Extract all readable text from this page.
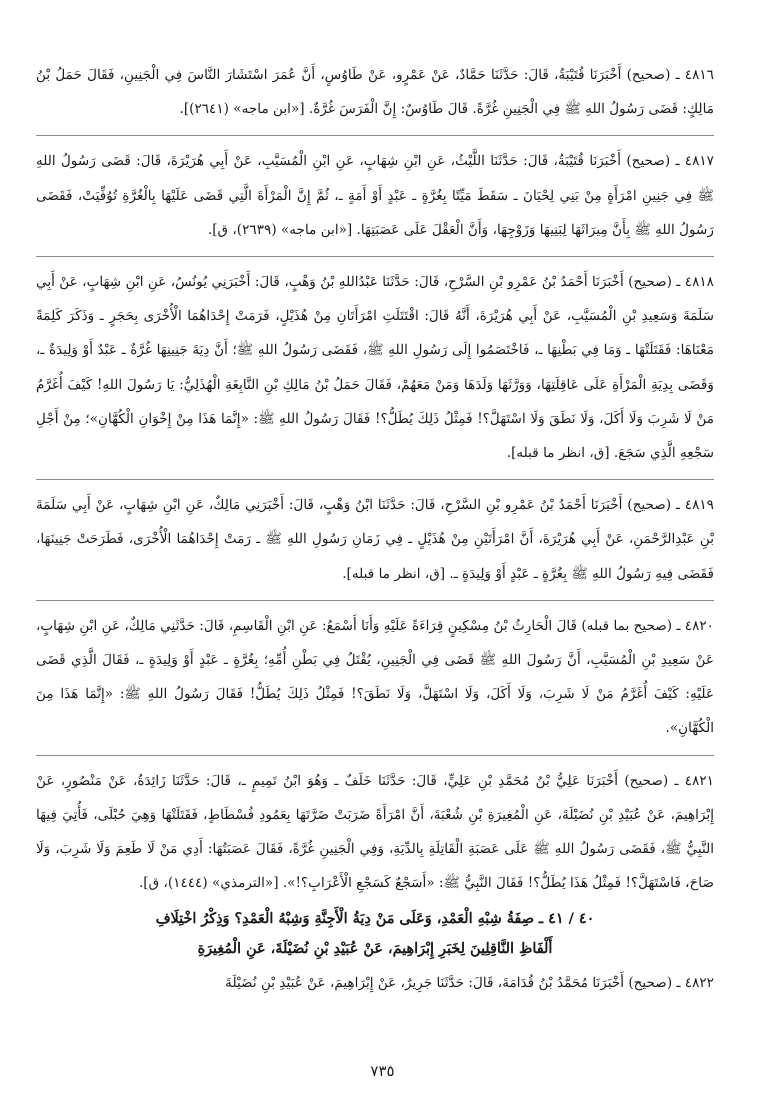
٤٨١٦ ـ (صحيح) أَخْبَرَنَا قُتَيْبَةُ، قَالَ: حَدَّثَنَا حَمَّادٌ، عَنْ عَمْرٍو، عَنْ طَاوُسٍ، أَنَّ عُمَرَ اسْتَشَارَ النَّاسَ فِي الْجَنِينِ، فَقَالَ حَمَلُ بْنُ مَالِكٍ: قَضَى رَسُولُ اللهِ ﷺ فِي الْجَنِينِ غُرَّةً. قَالَ طَاوُسٌ: إِنَّ الْفَرَسَ غُرَّةٌ. [«ابن ماجه» (٢٦٤١)].

٤٨١٧ ـ (صحيح) أَخْبَرَنَا قُتَيْبَةُ، قَالَ: حَدَّثَنَا اللَّيْثُ، عَنِ ابْنِ شِهَابٍ، عَنِ ابْنِ الْمُسَيَّبِ، عَنْ أَبِي هُرَيْرَةَ، قَالَ: قَضَى رَسُولُ اللهِ ﷺ فِي جَنِينِ امْرَأَةٍ مِنْ بَنِي لِحْيَانَ ـ سَقَطَ مَيِّتًا بِغُرَّةٍ ـ عَبْدٍ أَوْ أَمَةٍ ـ، ثُمَّ إِنَّ الْمَرْأَةَ الَّتِي قَضَى عَلَيْهَا بِالْغُرَّةِ تُوُفِّيَتْ، فَقَضَى رَسُولُ اللهِ ﷺ بِأَنَّ مِيرَاثَهَا لِبَنِيهَا وَزَوْجِهَا، وَأَنَّ الْعَقْلَ عَلَى عَصَبَتِهَا. [«ابن ماجه» (٢٦٣٩)، ق].

٤٨١٨ ـ (صحيح) أَخْبَرَنَا أَحْمَدُ بْنُ عَمْرِو بْنِ السَّرْحِ، قَالَ: حَدَّثَنَا عَبْدُاللهِ بْنُ وَهْبٍ، قَالَ: أَخْبَرَنِي يُونُسُ، عَنِ ابْنِ شِهَابٍ، عَنْ أَبِي سَلَمَةَ وَسَعِيدِ بْنِ الْمُسَيَّبِ، عَنْ أَبِي هُرَيْرَةَ، أَنَّهُ قَالَ: اقْتَتَلَتِ امْرَأَتَانِ مِنْ هُذَيْلٍ، فَرَمَتْ إِحْدَاهُمَا الْأُخْرَى بِحَجَرٍ ـ وَذَكَرَ كَلِمَةً مَعْنَاهَا: فَقَتَلَتْهَا ـ وَمَا فِي بَطْنِهَا ـ، فَاخْتَصَمُوا إِلَى رَسُولِ اللهِ ﷺ، فَقَضَى رَسُولُ اللهِ ﷺ؛ أَنَّ دِيَةَ جَنِينِهَا غُرَّةٌ ـ عَبْدٌ أَوْ وَلِيدَةٌ ـ، وَقَضَى بِدِيَةِ الْمَرْأَةِ عَلَى عَاقِلَتِهَا، وَوَرَّثَهَا وَلَدَهَا وَمَنْ مَعَهُمْ، فَقَالَ حَمَلُ بْنُ مَالِكِ بْنِ النَّابِغَةِ الْهُذَلِيُّ: يَا رَسُولَ اللهِ! كَيْفَ أُغَرَّمُ مَنْ لَا شَرِبَ وَلَا أَكَلَ، وَلَا نَطَقَ وَلَا اسْتَهَلَّ؟! فَمِثْلُ ذَلِكَ يُطَلُّ؟! فَقَالَ رَسُولُ اللهِ ﷺ: «إِنَّمَا هَذَا مِنْ إِخْوَانِ الْكُهَّانِ»؛ مِنْ أَجْلِ سَجْعِهِ الَّذِي سَجَعَ. [ق، انظر ما قبله].

٤٨١٩ ـ (صحيح) أَخْبَرَنَا أَحْمَدُ بْنُ عَمْرِو بْنِ السَّرْحِ، قَالَ: حَدَّثَنَا ابْنُ وَهْبٍ، قَالَ: أَخْبَرَنِي مَالِكٌ، عَنِ ابْنِ شِهَابٍ، عَنْ أَبِي سَلَمَةَ بْنِ عَبْدِالرَّحْمَنِ، عَنْ أَبِي هُرَيْرَةَ، أَنَّ امْرَأَتَيْنِ مِنْ هُذَيْلٍ ـ فِي زَمَانِ رَسُولِ اللهِ ﷺ ـ رَمَتْ إِحْدَاهُمَا الْأُخْرَى، فَطَرَحَتْ جَنِينَهَا، فَقَضَى فِيهِ رَسُولُ اللهِ ﷺ بِغُرَّةٍ ـ عَبْدٍ أَوْ وَلِيدَةٍ ـ. [ق، انظر ما قبله].

٤٨٢٠ ـ (صحيح بما قبله) قَالَ الْحَارِثُ بْنُ مِسْكِينٍ قِرَاءَةً عَلَيْهِ وَأَنَا أَسْمَعُ: عَنِ ابْنِ الْقَاسِمِ، قَالَ: حَدَّثَنِي مَالِكٌ، عَنِ ابْنِ شِهَابٍ، عَنْ سَعِيدِ بْنِ الْمُسَيَّبِ، أَنَّ رَسُولَ اللهِ ﷺ قَضَى فِي الْجَنِينِ، يُقْتَلُ فِي بَطْنِ أُمِّهِ؛ بِغُرَّةٍ ـ عَبْدٍ أَوْ وَلِيدَةٍ ـ، فَقَالَ الَّذِي قَضَى عَلَيْهِ: كَيْفَ أُغَرَّمُ مَنْ لَا شَرِبَ، وَلَا أَكَلَ، وَلَا اسْتَهَلَّ، وَلَا نَطَقَ؟! فَمِثْلُ ذَلِكَ يُطَلُّ! فَقَالَ رَسُولُ اللهِ ﷺ: «إِنَّمَا هَذَا مِنَ الْكُهَّانِ».

٤٨٢١ ـ (صحيح) أَخْبَرَنَا عَلِيُّ بْنُ مُحَمَّدِ بْنِ عَلِيٍّ، قَالَ: حَدَّثَنَا خَلَفٌ ـ وَهُوَ ابْنُ تَمِيمٍ ـ، قَالَ: حَدَّثَنَا زَائِدَةُ، عَنْ مَنْصُورٍ، عَنْ إِبْرَاهِيمَ، عَنْ عُبَيْدِ بْنِ نُضَيْلَةَ، عَنِ الْمُغِيرَةِ بْنِ شُعْبَةَ، أَنَّ امْرَأَةً ضَرَبَتْ ضَرَّتَهَا بِعَمُودِ فُسْطَاطٍ، فَقَتَلَتْهَا وَهِيَ حُبْلَى، فَأُتِيَ فِيهَا النَّبِيُّ ﷺ، فَقَضَى رَسُولُ اللهِ ﷺ عَلَى عَصَبَةِ الْقَاتِلَةِ بِالدِّيَةِ، وَفِي الْجَنِينِ غُرَّةً، فَقَالَ عَصَبَتُهَا: أَدِي مَنْ لَا طَعِمَ وَلَا شَرِبَ، وَلَا صَاحَ، فَاسْتَهَلَّ؟! فَمِثْلُ هَذَا يُطَلُّ؟! فَقَالَ النَّبِيُّ ﷺ: «أَسَجْعٌ كَسَجْعِ الْأَعْرَابِ؟!». [«الترمذي» (١٤٤٤)، ق].

٤٠ / ٤١ ـ صِفَةُ شِبْهِ الْعَمْدِ، وَعَلَى مَنْ دِيَةُ الْأَجِنَّةِ وَشِبْهُ الْعَمْدِ؟ وَذِكْرُ اخْتِلَافِ
أَلْفَاظِ النَّاقِلِينَ لِخَبَرِ إِبْرَاهِيمَ، عَنْ عُبَيْدِ بْنِ نُضَيْلَةَ، عَنِ الْمُغِيرَةِ

٤٨٢٢ ـ (صحيح) أَخْبَرَنَا مُحَمَّدُ بْنُ قُدَامَةَ، قَالَ: حَدَّثَنَا جَرِيرٌ، عَنْ إِبْرَاهِيمَ، عَنْ عُبَيْدِ بْنِ نُضَيْلَةَ

٧٣٥
